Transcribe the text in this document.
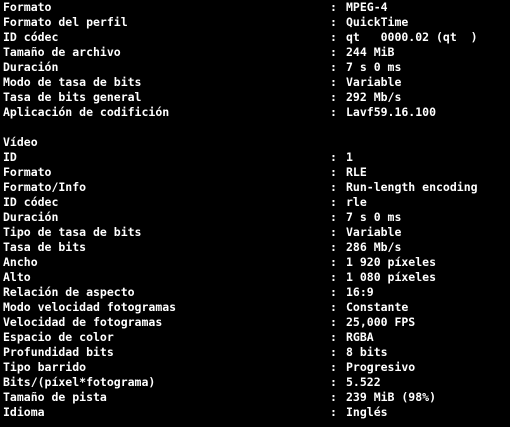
Formato	: MPEG-4
Formato del perfil	: QuickTime
ID códec	: qt   0000.02 (qt  )
Tamaño de archivo	: 244 MiB
Duración	: 7 s 0 ms
Modo de tasa de bits	: Variable
Tasa de bits general	: 292 Mb/s
Aplicación de codifición	: Lavf59.16.100
Vídeo
ID	: 1
Formato	: RLE
Formato/Info	: Run-length encoding
ID códec	: rle
Duración	: 7 s 0 ms
Tipo de tasa de bits	: Variable
Tasa de bits	: 286 Mb/s
Ancho	: 1 920 píxeles
Alto	: 1 080 píxeles
Relación de aspecto	: 16:9
Modo velocidad fotogramas	: Constante
Velocidad de fotogramas	: 25,000 FPS
Espacio de color	: RGBA
Profundidad bits	: 8 bits
Tipo barrido	: Progresivo
Bits/(píxel*fotograma)	: 5.522
Tamaño de pista	: 239 MiB (98%)
Idioma	: Inglés
